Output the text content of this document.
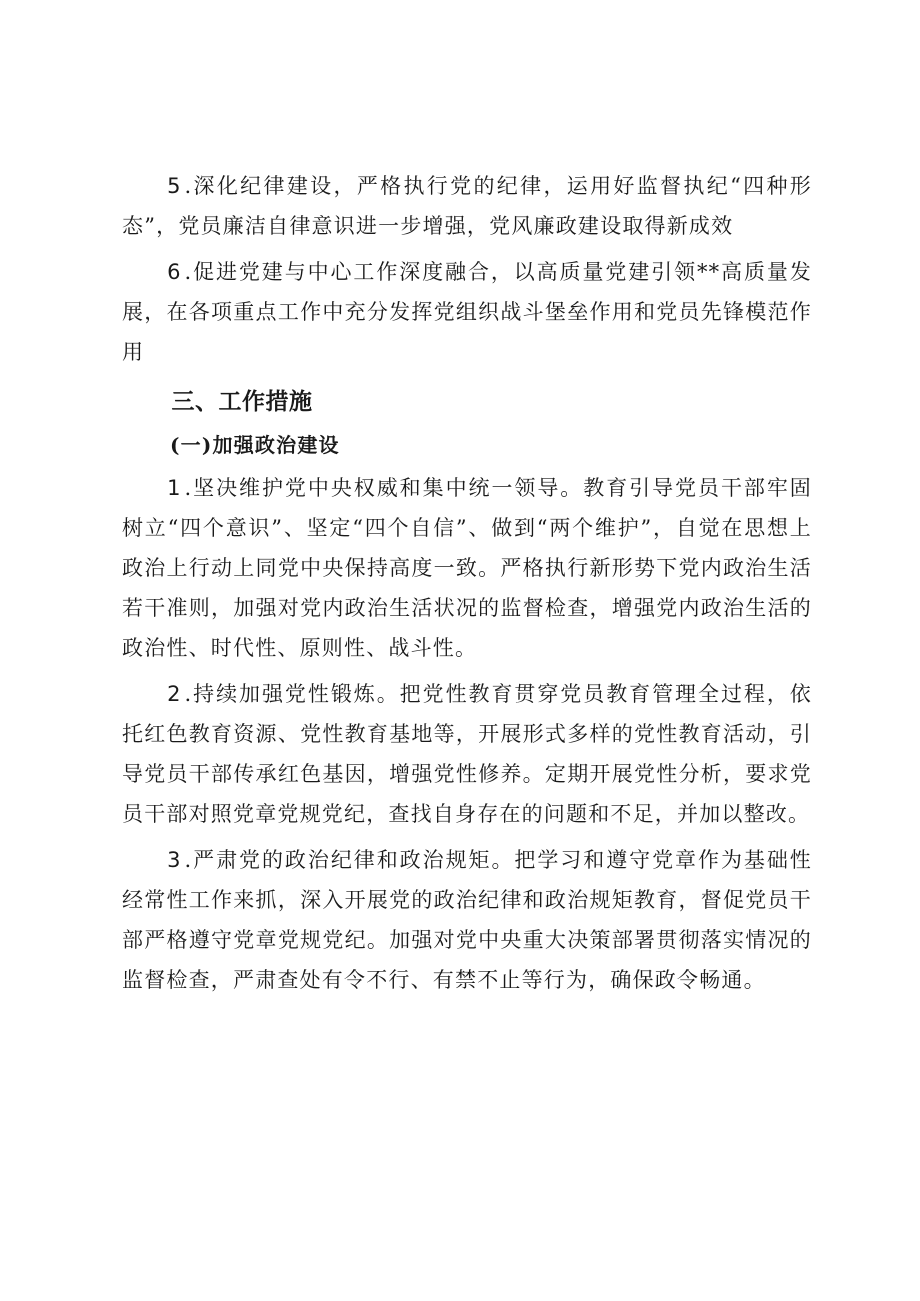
5.深化纪律建设，严格执行党的纪律，运用好监督执纪“四种形态”，党员廉洁自律意识进一步增强，党风廉政建设取得新成效

6.促进党建与中心工作深度融合，以高质量党建引领**高质量发展，在各项重点工作中充分发挥党组织战斗堡垒作用和党员先锋模范作用

三、工作措施
(一)加强政治建设

1.坚决维护党中央权威和集中统一领导。教育引导党员干部牢固树立“四个意识”、坚定“四个自信”、做到“两个维护”，自觉在思想上政治上行动上同党中央保持高度一致。严格执行新形势下党内政治生活若干准则，加强对党内政治生活状况的监督检查，增强党内政治生活的政治性、时代性、原则性、战斗性。

2.持续加强党性锻炼。把党性教育贯穿党员教育管理全过程，依托红色教育资源、党性教育基地等，开展形式多样的党性教育活动，引导党员干部传承红色基因，增强党性修养。定期开展党性分析，要求党员干部对照党章党规党纪，查找自身存在的问题和不足，并加以整改。

3.严肃党的政治纪律和政治规矩。把学习和遵守党章作为基础性经常性工作来抓，深入开展党的政治纪律和政治规矩教育，督促党员干部严格遵守党章党规党纪。加强对党中央重大决策部署贯彻落实情况的监督检查，严肃查处有令不行、有禁不止等行为，确保政令畅通。
